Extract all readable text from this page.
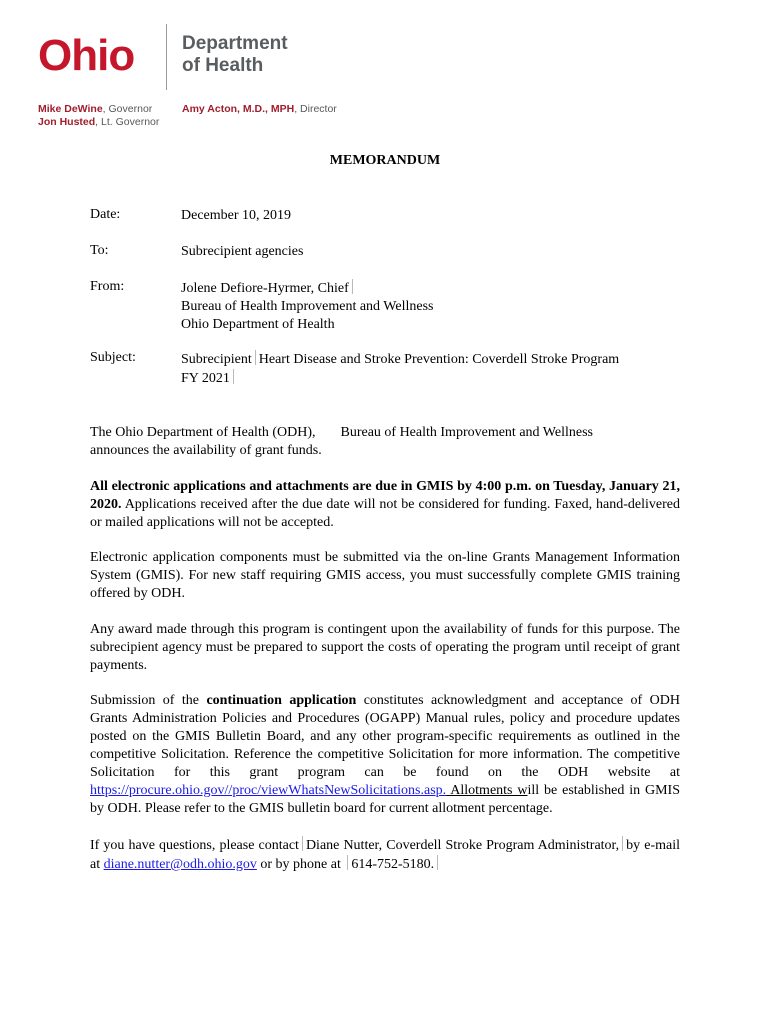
Ohio	Department
of Health
Mike DeWine, Governor
Jon Husted, Lt. Governor
Amy Acton, M.D., MPH, Director
MEMORANDUM
Date:	December 10, 2019
To:	Subrecipient agencies
From:	Jolene Defiore-Hyrmer, Chief
Bureau of Health Improvement and Wellness
Ohio Department of Health
Subject:	Subrecipient Heart Disease and Stroke Prevention: Coverdell Stroke Program
FY 2021

The Ohio Department of Health (ODH), Bureau of Health Improvement and Wellness

announces the availability of grant funds.

All electronic applications and attachments are due in GMIS by 4:00 p.m. on Tuesday, January 21, 2020. Applications received after the due date will not be considered for funding. Faxed, hand-delivered or mailed applications will not be accepted.

Electronic application components must be submitted via the on-line Grants Management Information System (GMIS). For new staff requiring GMIS access, you must successfully complete GMIS training offered by ODH.
Any award made through this program is contingent upon the availability of funds for this purpose. The subrecipient agency must be prepared to support the costs of operating the program until receipt of grant payments.

Submission of the continuation application constitutes acknowledgment and acceptance of ODH Grants Administration Policies and Procedures (OGAPP) Manual rules, policy and procedure updates posted on the GMIS Bulletin Board, and any other program-specific requirements as outlined in the competitive Solicitation. Reference the competitive Solicitation for more information. The competitive Solicitation for this grant program can be found on the ODH website at https://procure.ohio.gov//proc/viewWhatsNewSolicitations.asp. Allotments will be established in GMIS by ODH. Please refer to the GMIS bulletin board for current allotment percentage.

If you have questions, please contact Diane Nutter, Coverdell Stroke Program Administrator, by e-mail at diane.nutter@odh.ohio.gov or by phone at 614-752-5180.
